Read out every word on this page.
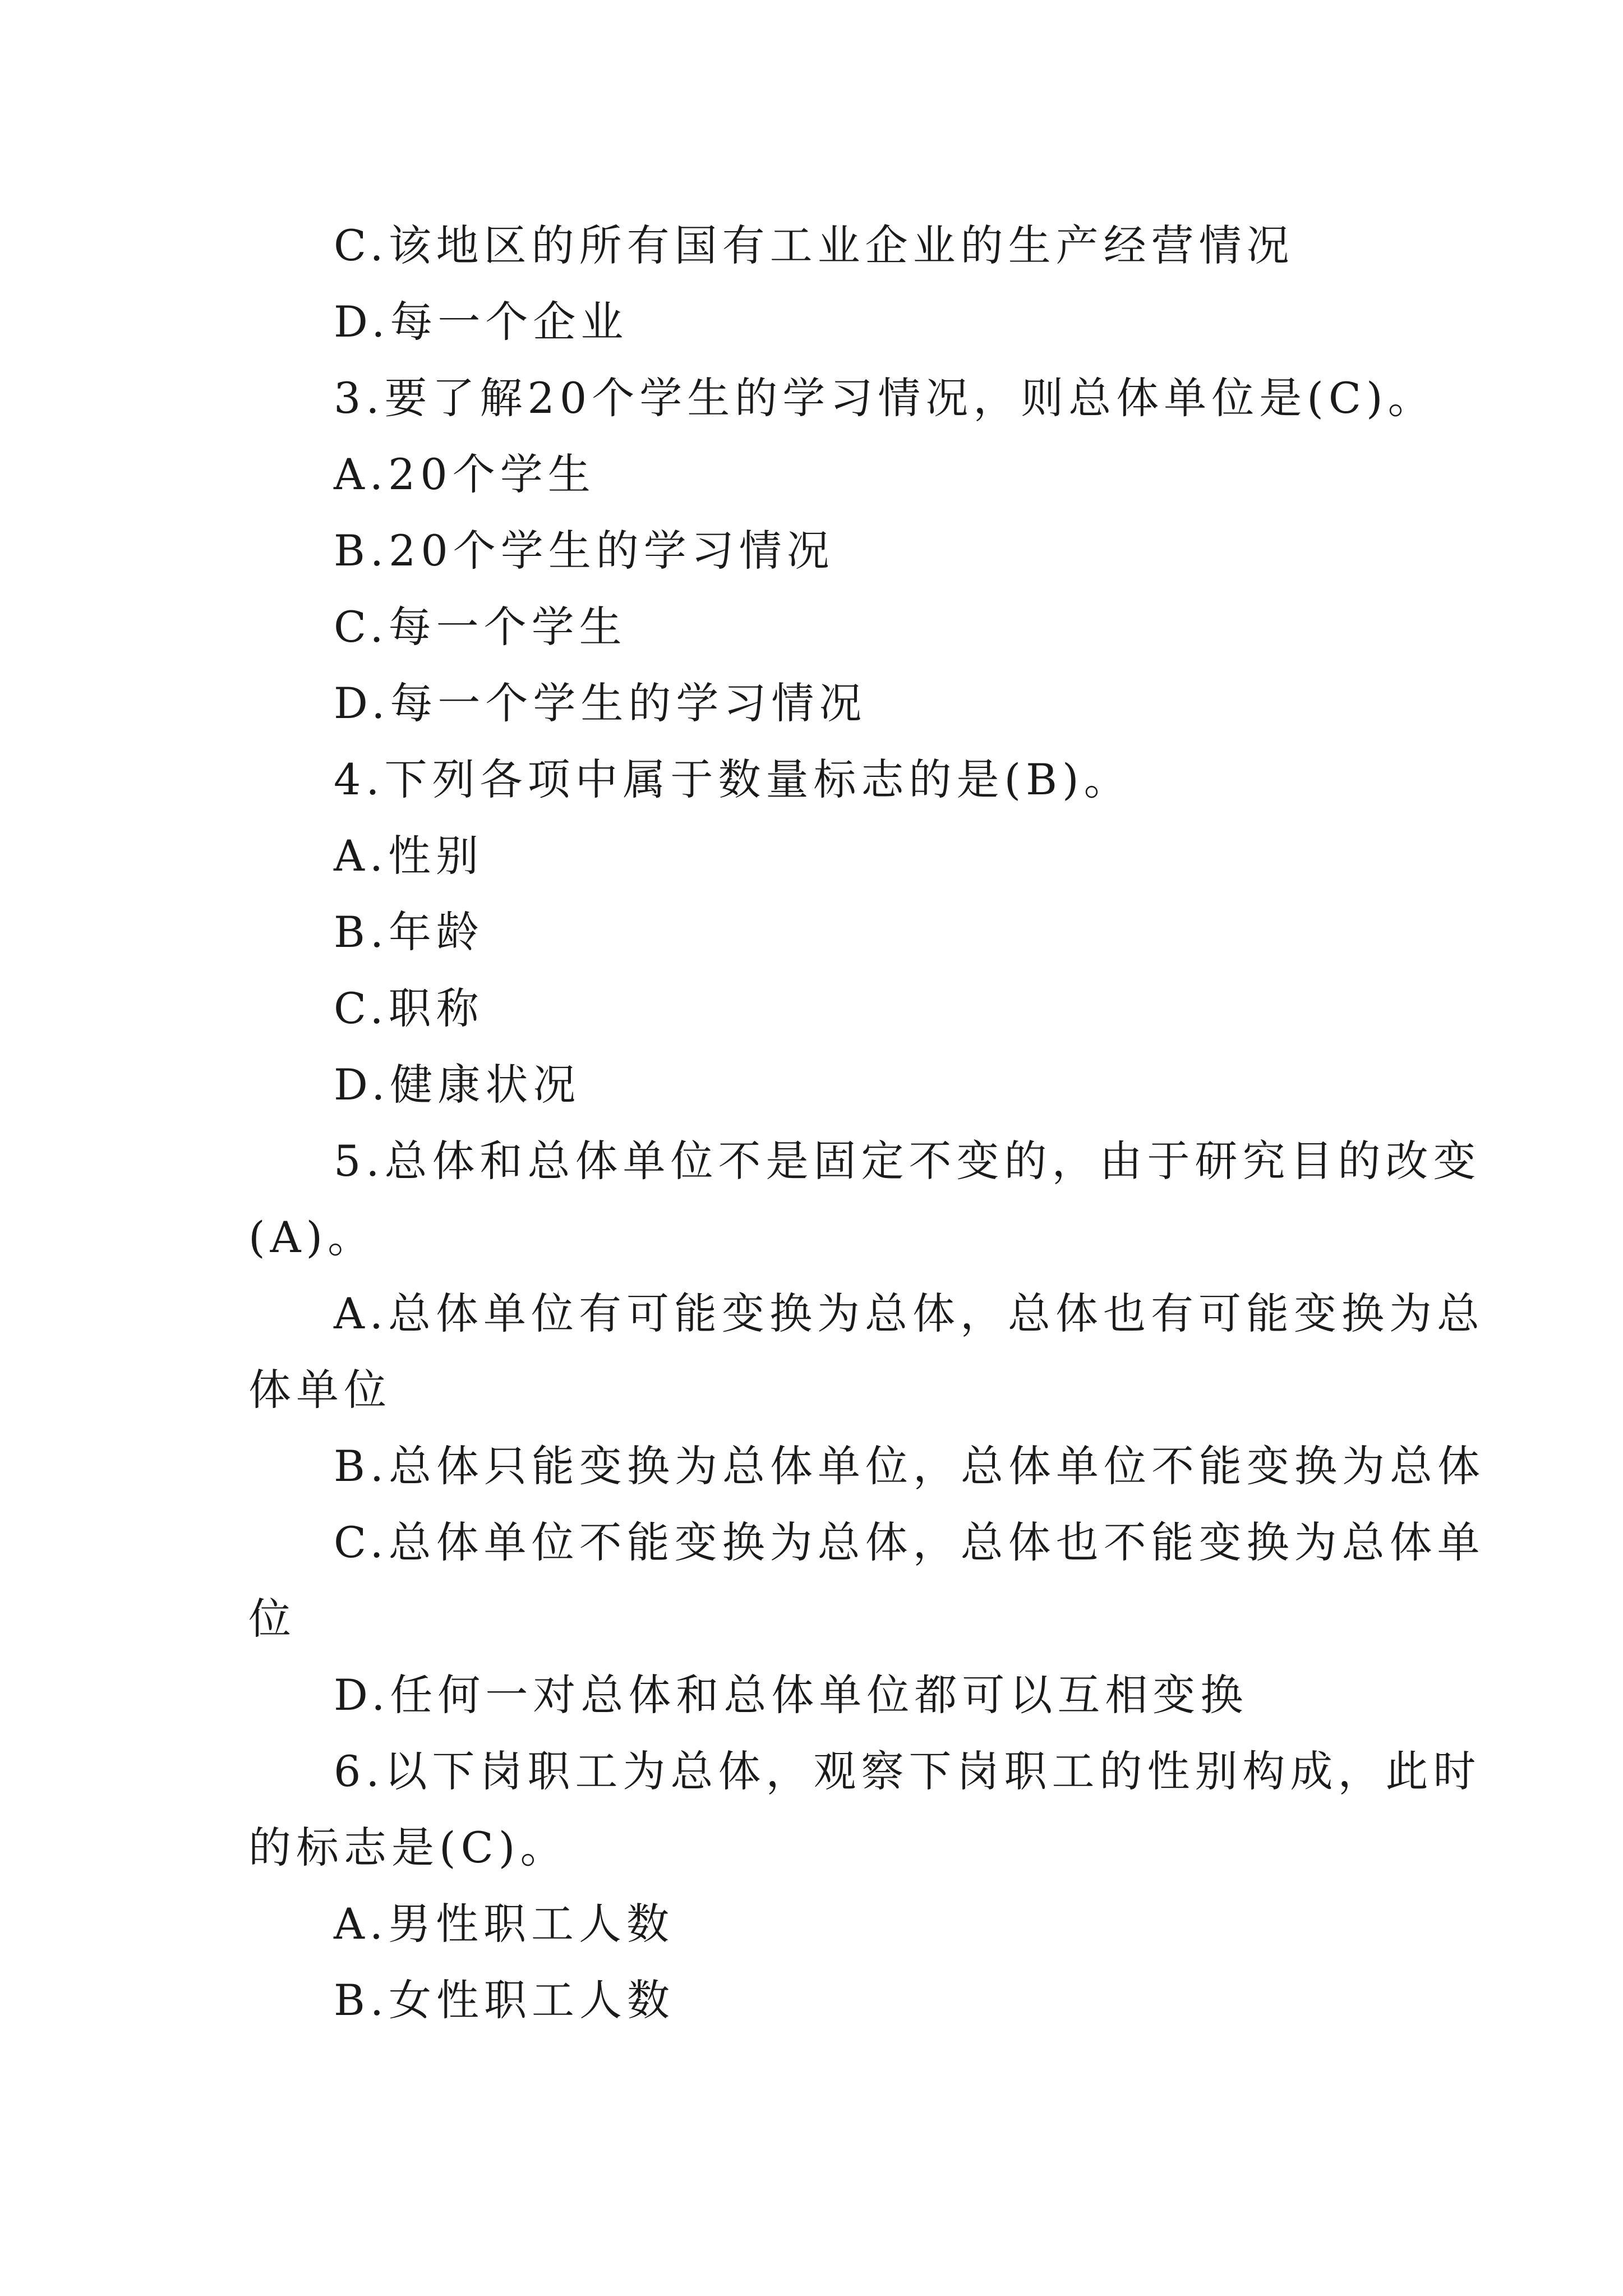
C.该地区的所有国有工业企业的生产经营情况

D.每一个企业

3.要了解20个学生的学习情况，则总体单位是(C)。

A.20个学生

B.20个学生的学习情况

C.每一个学生

D.每一个学生的学习情况

4.下列各项中属于数量标志的是(B)。

A.性别

B.年龄

C.职称

D.健康状况

5.总体和总体单位不是固定不变的，由于研究目的改变

(A)。

A.总体单位有可能变换为总体，总体也有可能变换为总

体单位

B.总体只能变换为总体单位，总体单位不能变换为总体

C.总体单位不能变换为总体，总体也不能变换为总体单

位

D.任何一对总体和总体单位都可以互相变换

6.以下岗职工为总体，观察下岗职工的性别构成，此时

的标志是(C)。

A.男性职工人数

B.女性职工人数
